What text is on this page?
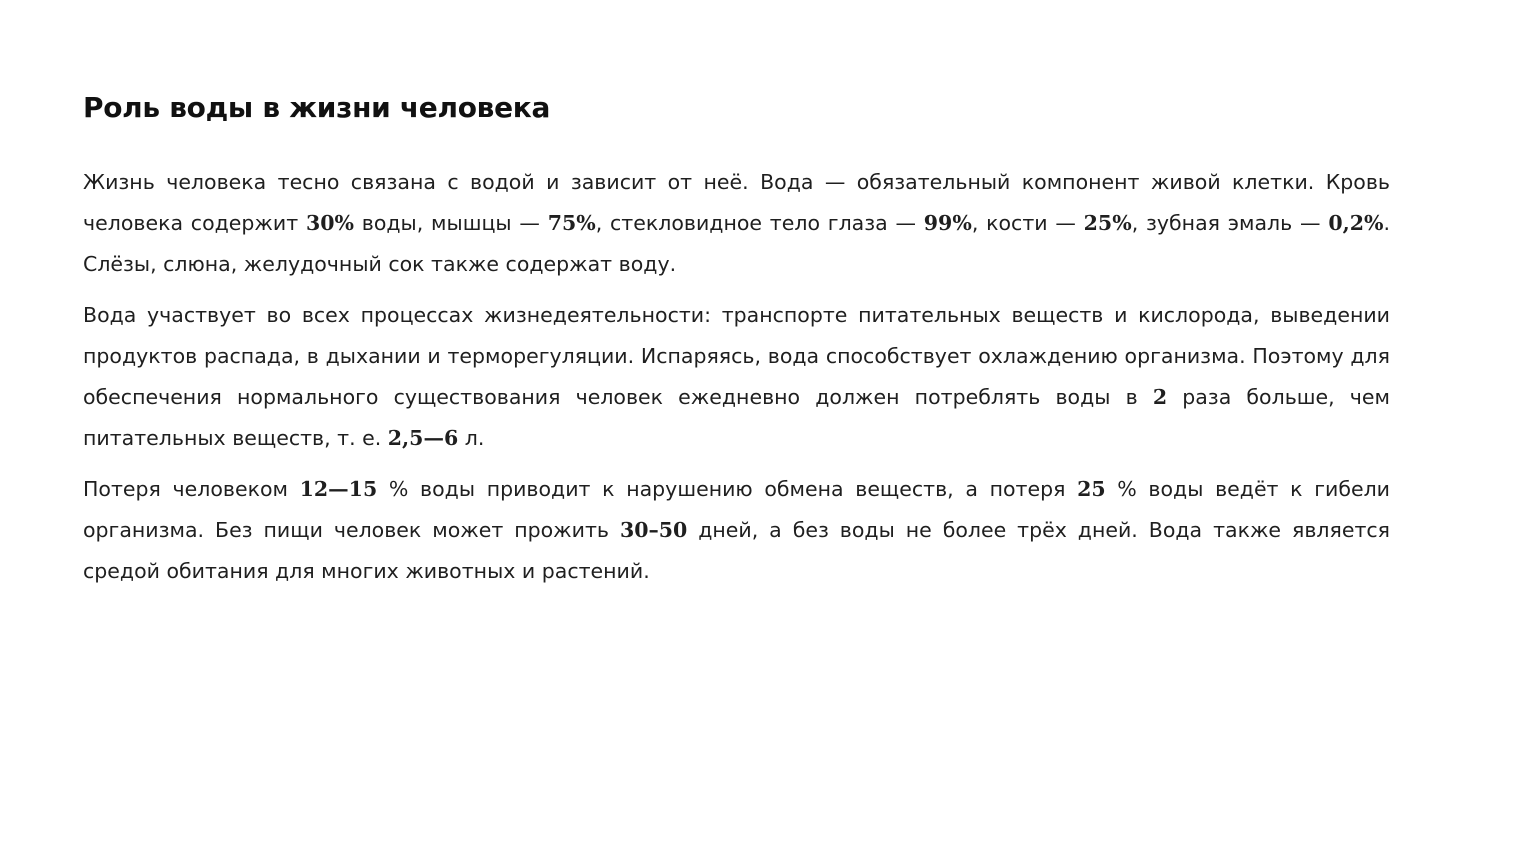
Роль воды в жизни человека

Жизнь человека тесно связана с водой и зависит от неё. Вода — обязательный компонент живой клетки. Кровь человека содержит 30% воды, мышцы — 75%, стекловидное тело глаза — 99%, кости — 25%, зубная эмаль — 0,2%. Слёзы, слюна, желудочный сок также содержат воду.

Вода участвует во всех процессах жизнедеятельности: транспорте питательных веществ и кислорода, выведении продуктов распада, в дыхании и терморегуляции. Испаряясь, вода способствует охлаждению организма. Поэтому для обеспечения нормального существования человек ежедневно должен потреблять воды в 2 раза больше, чем питательных веществ, т. е. 2,5—6 л.

Потеря человеком 12—15 % воды приводит к нарушению обмена веществ, а потеря 25 % воды ведёт к гибели организма. Без пищи человек может прожить 30–50 дней, а без воды не более трёх дней. Вода также является средой обитания для многих животных и растений.
